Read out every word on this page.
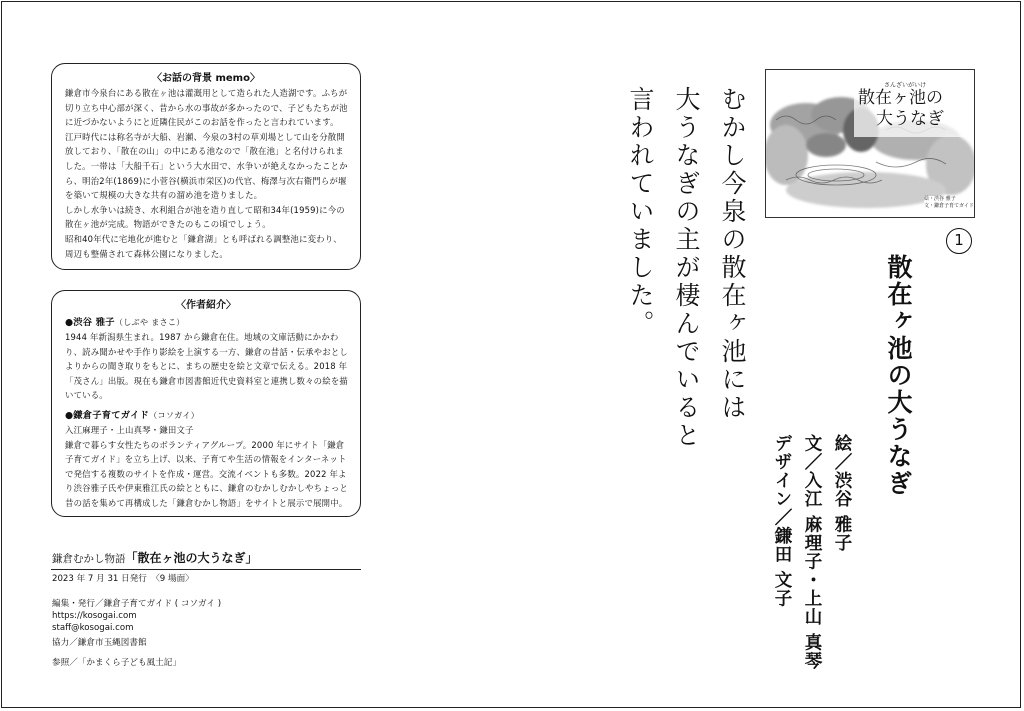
〈お話の背景 memo〉

鎌倉市今泉台にある散在ヶ池は灌漑用として造られた人造湖です。ふちが切り立ち中心部が深く、昔から水の事故が多かったので、子どもたちが池に近づかないようにと近隣住民がこのお話を作ったと言われています。

江戸時代には称名寺が大船、岩瀬、今泉の3村の草刈場として山を分散開放しており、「散在の山」の中にある池なので「散在池」と名付けられました。一帯は「大船千石」という大水田で、水争いが絶えなかったことから、明治2年(1869)に小菅谷(横浜市栄区)の代官、梅澤与次右衛門らが堰を築いて規模の大きな共有の溜め池を造りました。

しかし水争いは続き、水利組合が池を造り直して昭和34年(1959)に今の散在ヶ池が完成。物語ができたのもこの頃でしょう。

昭和40年代に宅地化が進むと「鎌倉湖」とも呼ばれる調整池に変わり、周辺も整備されて森林公園になりました。

〈作者紹介〉
●渋谷 雅子（しぶや まさこ）

1944 年新潟県生まれ。1987 から鎌倉在住。地域の文庫活動にかかわり、読み聞かせや手作り影絵を上演する一方、鎌倉の昔話・伝承やおとしよりからの聞き取りをもとに、まちの歴史を絵と文章で伝える。2018 年「茂さん」出版。現在も鎌倉市図書館近代史資料室と連携し数々の絵を描いている。

●鎌倉子育てガイド（コソガイ）

入江麻理子・上山真琴・鎌田文子

鎌倉で暮らす女性たちのボランティアグループ。2000 年にサイト「鎌倉子育てガイド」を立ち上げ、以来、子育てや生活の情報をインターネットで発信する複数のサイトを作成・運営。交流イベントも多数。2022 年より渋谷雅子氏や伊東雅江氏の絵とともに、鎌倉のむかしむかしやちょっと昔の話を集めて再構成した「鎌倉むかし物語」をサイトと展示で展開中。

鎌倉むかし物語「散在ヶ池の大うなぎ」
2023 年 7 月 31 日発行　〈9 場面〉
編集・発行／鎌倉子育てガイド ( コソガイ )
https://kosogai.com
staff@kosogai.com
協力／鎌倉市玉縄図書館
参照／「かまくら子ども風土記」
むかし今泉の散在ヶ池には
大うなぎの主が棲んでいると
言われていました。
さんざいがいけ
散在ヶ池の
大うなぎ
絵・渋谷 雅子
文・鎌倉子育てガイド
1
散在ヶ池の大うなぎ
絵／渋谷 雅子
文／入江 麻理子・上山 真琴
デザイン／鎌田 文子
